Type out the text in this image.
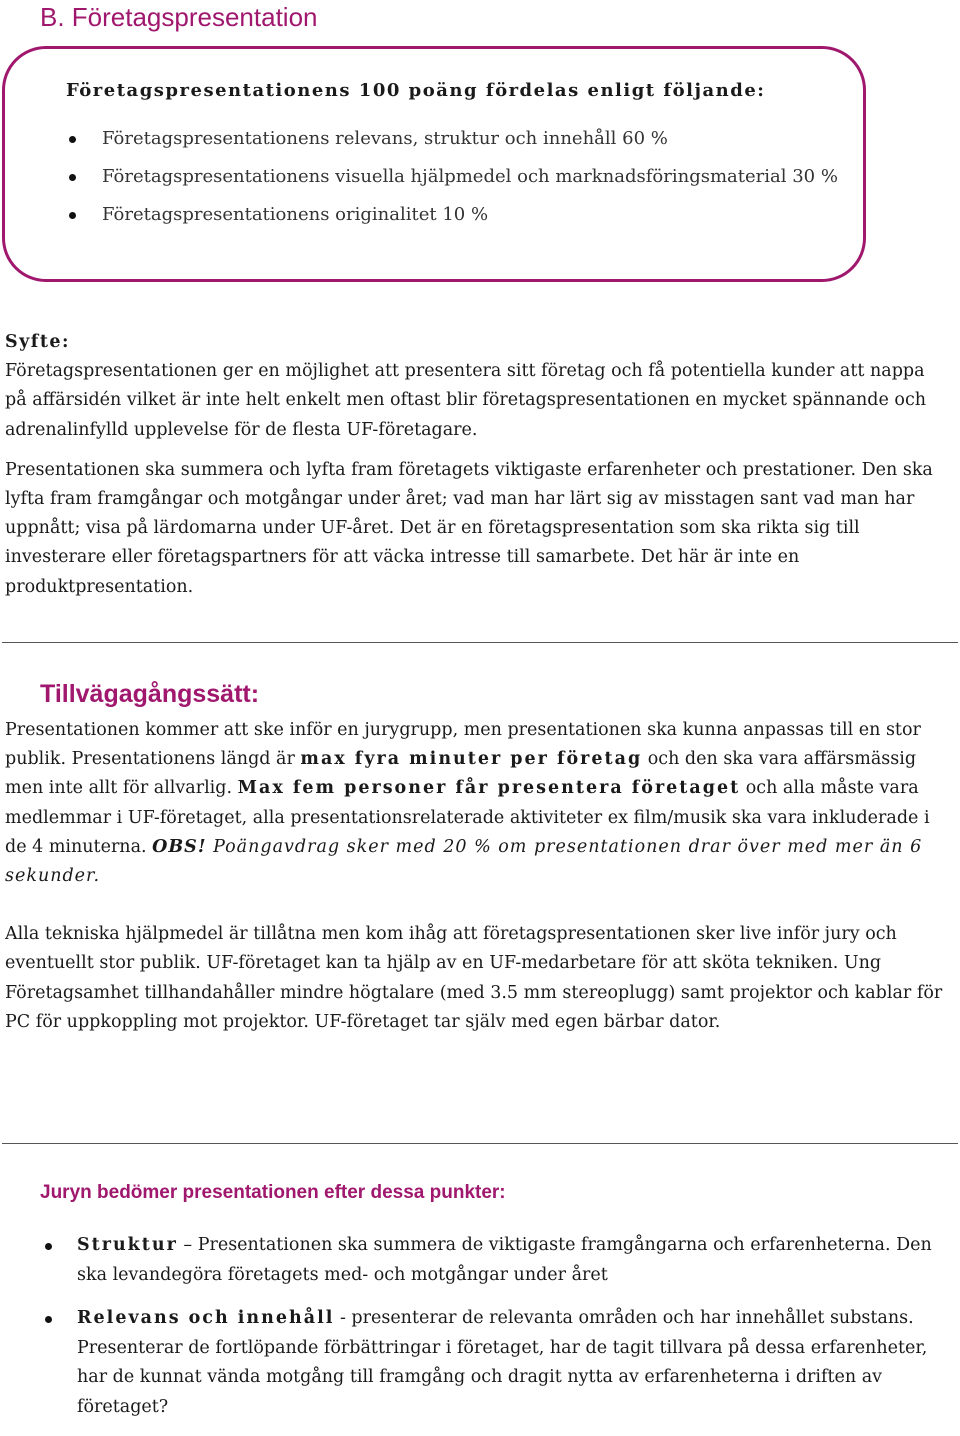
B. Företagspresentation

Företagspresentationens 100 poäng fördelas enligt följande:

Företagspresentationens relevans, struktur och innehåll 60 %
Företagspresentationens visuella hjälpmedel och marknadsföringsmaterial 30 %
Företagspresentationens originalitet 10 %

Syfte:

Företagspresentationen ger en möjlighet att presentera sitt företag och få potentiella kunder att nappa på affärsidén vilket är inte helt enkelt men oftast blir företagspresentationen en mycket spännande och adrenalinfylld upplevelse för de flesta UF-företagare.

Presentationen ska summera och lyfta fram företagets viktigaste erfarenheter och prestationer. Den ska lyfta fram framgångar och motgångar under året; vad man har lärt sig av misstagen sant vad man har uppnått; visa på lärdomarna under UF-året. Det är en företagspresentation som ska rikta sig till investerare eller företagspartners för att väcka intresse till samarbete. Det här är inte en produktpresentation.

Tillvägagångssätt:

Presentationen kommer att ske inför en jurygrupp, men presentationen ska kunna anpassas till en stor publik. Presentationens längd är max fyra minuter per företag och den ska vara affärsmässig men inte allt för allvarlig. Max fem personer får presentera företaget och alla måste vara medlemmar i UF-företaget, alla presentationsrelaterade aktiviteter ex film/musik ska vara inkluderade i de 4 minuterna. OBS! Poängavdrag sker med 20 % om presentationen drar över med mer än 6 sekunder.

Alla tekniska hjälpmedel är tillåtna men kom ihåg att företagspresentationen sker live inför jury och eventuellt stor publik. UF-företaget kan ta hjälp av en UF-medarbetare för att sköta tekniken. Ung Företagsamhet tillhandahåller mindre högtalare (med 3.5 mm stereoplugg) samt projektor och kablar för PC för uppkoppling mot projektor. UF-företaget tar själv med egen bärbar dator.

Juryn bedömer presentationen efter dessa punkter:
Struktur – Presentationen ska summera de viktigaste framgångarna och erfarenheterna. Den ska levandegöra företagets med- och motgångar under året
Relevans och innehåll - presenterar de relevanta områden och har innehållet substans. Presenterar de fortlöpande förbättringar i företaget, har de tagit tillvara på dessa erfarenheter, har de kunnat vända motgång till framgång och dragit nytta av erfarenheterna i driften av företaget?
